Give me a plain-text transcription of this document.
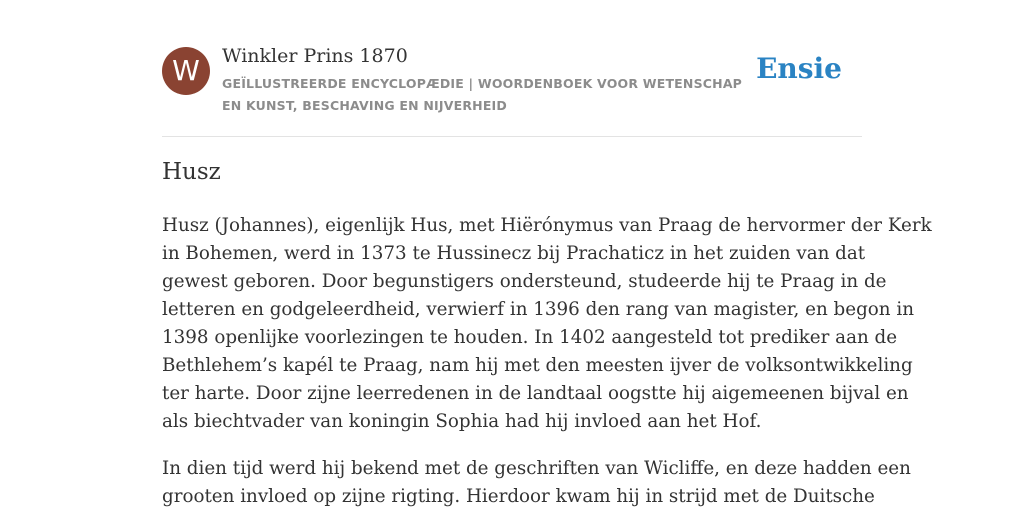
W	Winkler Prins 1870
GEÏLLUSTREERDE ENCYCLOPÆDIE | WOORDENBOEK VOOR WETENSCHAP EN KUNST, BESCHAVING EN NIJVERHEID
Ensie
Husz

Husz (Johannes), eigenlijk Hus, met Hiërónymus van Praag de hervormer der Kerk
in Bohemen, werd in 1373 te Hussinecz bij Prachaticz in het zuiden van dat
gewest geboren. Door begunstigers ondersteund, studeerde hij te Praag in de
letteren en godgeleerdheid, verwierf in 1396 den rang van magister, en begon in
1398 openlijke voorlezingen te houden. In 1402 aangesteld tot prediker aan de
Bethlehem’s kapél te Praag, nam hij met den meesten ijver de volksontwikkeling
ter harte. Door zijne leerredenen in de landtaal oogstte hij aigemeenen bijval en
als biechtvader van koningin Sophia had hij invloed aan het Hof.

In dien tijd werd hij bekend met de geschriften van Wicliffe, en deze hadden een
grooten invloed op zijne rigting. Hierdoor kwam hij in strijd met de Duitsche
